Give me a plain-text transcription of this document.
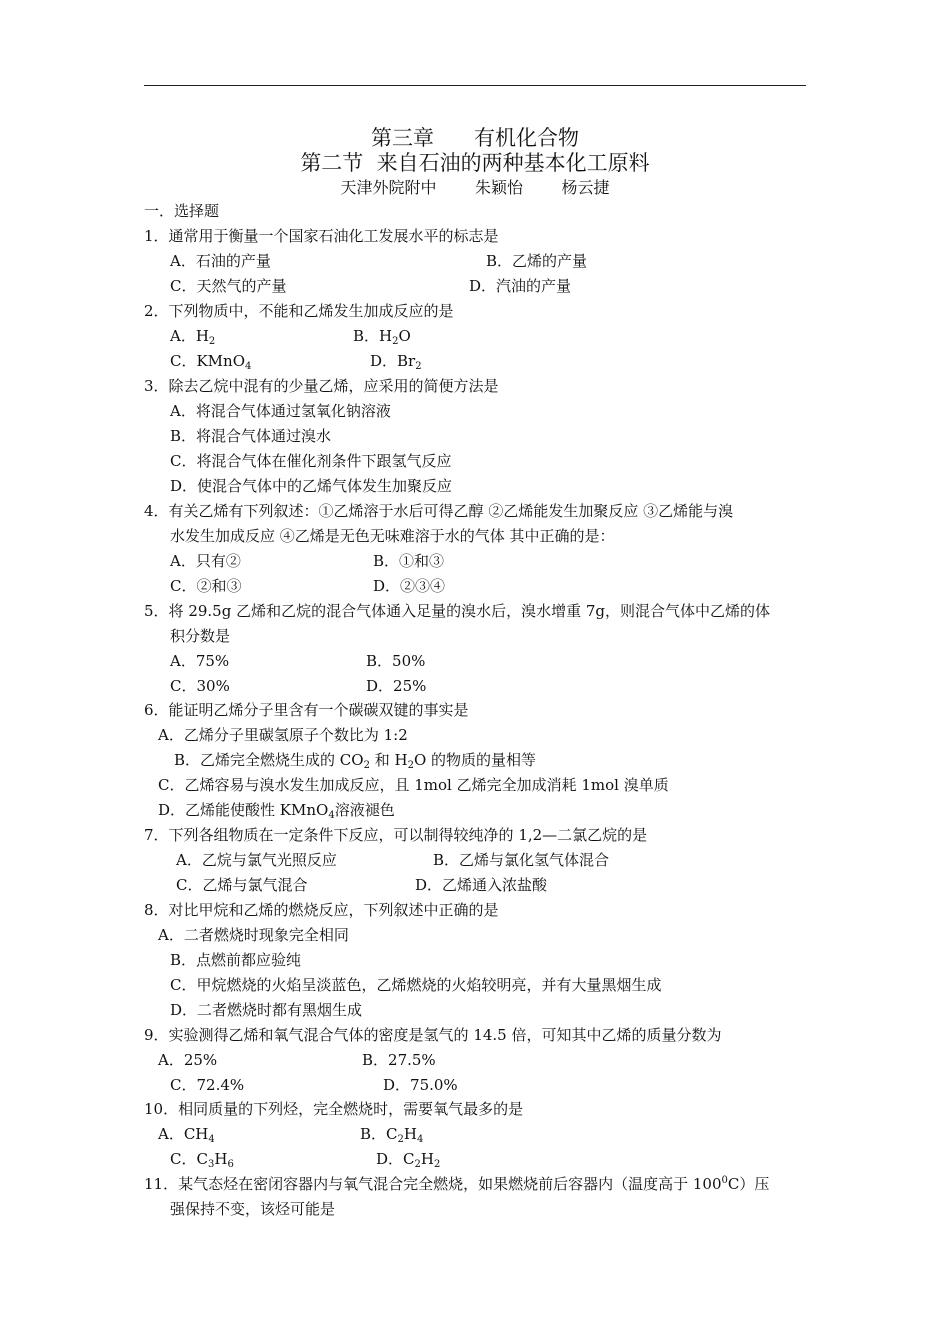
第三章      有机化合物
第二节  来自石油的两种基本化工原料
天津外院附中    朱颖怡    杨云捷
一．选择题
1．通常用于衡量一个国家石油化工发展水平的标志是
A．石油的产量	B．乙烯的产量
C．天然气的产量	D．汽油的产量
2．下列物质中，不能和乙烯发生加成反应的是
A．$H_2$	B．$H_2O$
C．KMnO$_4$	D．$Br_2$
3．除去乙烷中混有的少量乙烯，应采用的简便方法是
A．将混合气体通过氢氧化钠溶液
B．将混合气体通过溴水
C．将混合气体在催化剂条件下跟氢气反应
D．使混合气体中的乙烯气体发生加聚反应
4．有关乙烯有下列叙述：①乙烯溶于水后可得乙醇 ②乙烯能发生加聚反应 ③乙烯能与溴
水发生加成反应 ④乙烯是无色无味难溶于水的气体 其中正确的是：
A．只有②	B．①和③
C．②和③	D．②③④
5．将 29.5g 乙烯和乙烷的混合气体通入足量的溴水后，溴水增重 7g，则混合气体中乙烯的体
积分数是
A．75%	B．50%
C．30%	D．25%
6．能证明乙烯分子里含有一个碳碳双键的事实是
A．乙烯分子里碳氢原子个数比为 1:2
B．乙烯完全燃烧生成的 $CO_2$ 和 $H_2O$ 的物质的量相等
C．乙烯容易与溴水发生加成反应，且 1mol 乙烯完全加成消耗 1mol 溴单质
D．乙烯能使酸性 KMnO$_4$溶液褪色
7．下列各组物质在一定条件下反应，可以制得较纯净的 1,2—二氯乙烷的是
A．乙烷与氯气光照反应	B．乙烯与氯化氢气体混合
C．乙烯与氯气混合	D．乙烯通入浓盐酸
8．对比甲烷和乙烯的燃烧反应，下列叙述中正确的是
A．二者燃烧时现象完全相同
B．点燃前都应验纯
C．甲烷燃烧的火焰呈淡蓝色，乙烯燃烧的火焰较明亮，并有大量黑烟生成
D．二者燃烧时都有黑烟生成
9．实验测得乙烯和氧气混合气体的密度是氢气的 14.5 倍，可知其中乙烯的质量分数为
A．25%	B．27.5%
C．72.4%	D．75.0%
10．相同质量的下列烃，完全燃烧时，需要氧气最多的是
A．$CH_4$	B．$C_2H_4$
C．$C_3H_6$	D．$C_2H_2$
11．某气态烃在密闭容器内与氧气混合完全燃烧，如果燃烧前后容器内（温度高于 $100^0C$）压
强保持不变，该烃可能是
